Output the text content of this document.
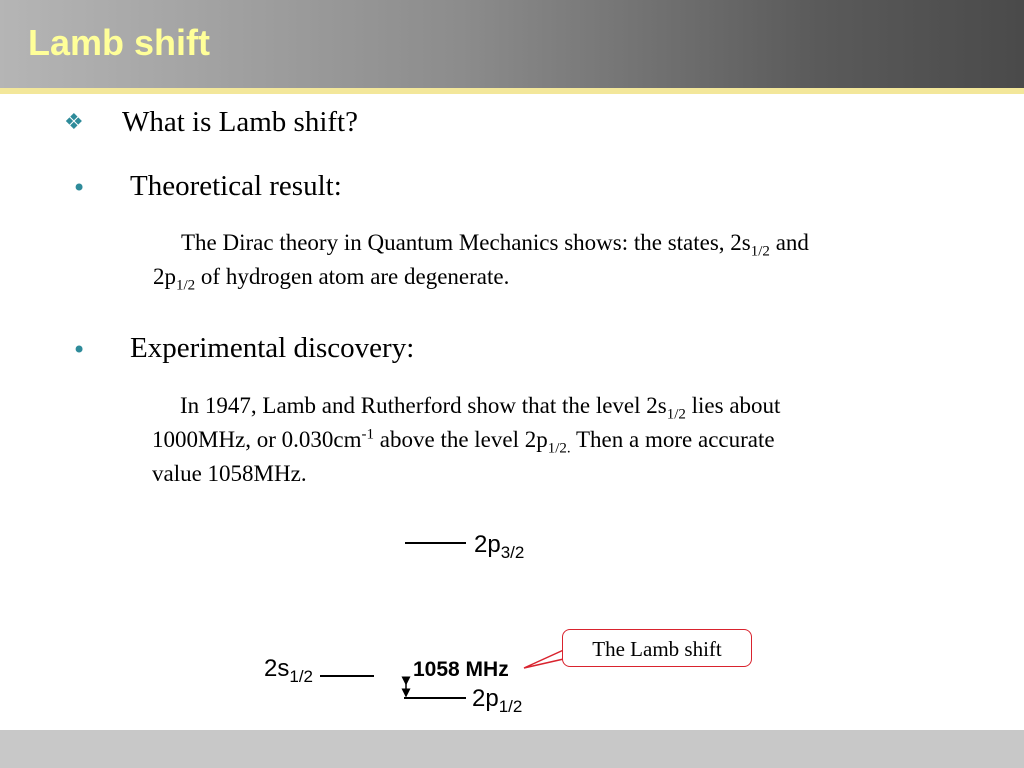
Lamb shift
❖ What is Lamb shift?
• Theoretical result:
The Dirac theory in Quantum Mechanics shows: the states, $2s_{1/2}$ and
$2p_{1/2}$ of hydrogen atom are degenerate.
• Experimental discovery:
In 1947, Lamb and Rutherford show that the level $2s_{1/2}$ lies about
1000MHz, or $0.030cm^{-1}$ above the level $2p_{1/2.}$ Then a more accurate
value 1058MHz.
$2p_{3/2}$
$2s_{1/2}$	1058 MHz
$2p_{1/2}$
The Lamb shift
